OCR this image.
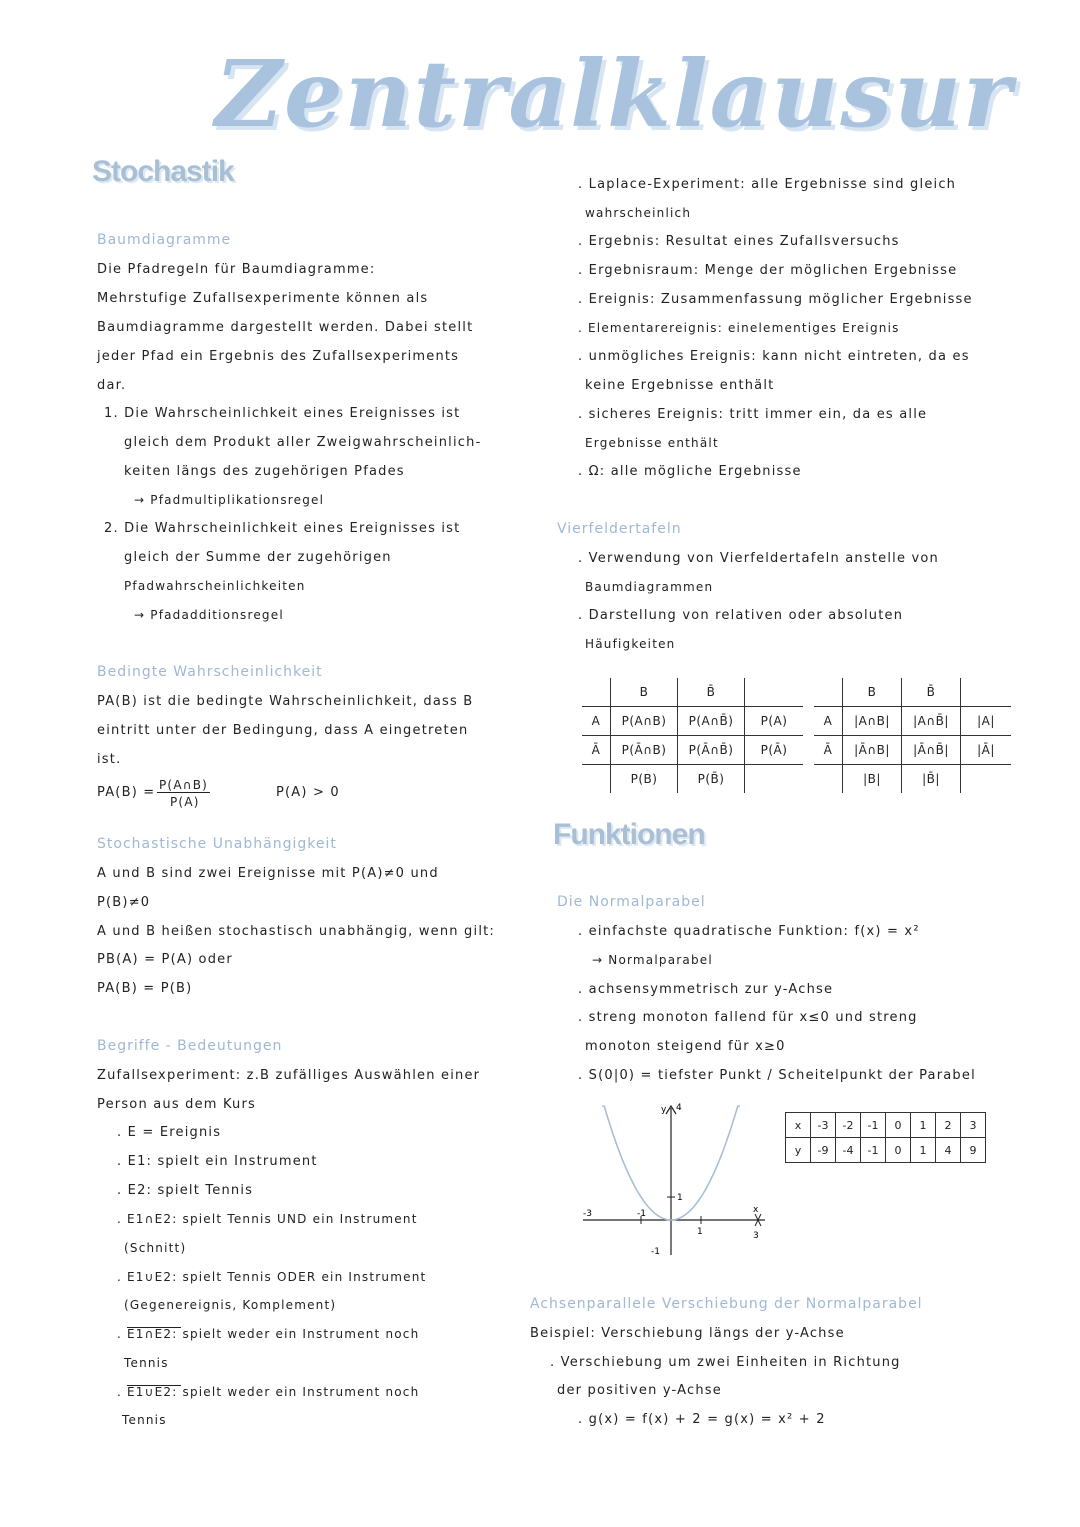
Zentralklausur
Stochastik
Baumdiagramme
Die Pfadregeln für Baumdiagramme:
Mehrstufige Zufallsexperimente können als
Baumdiagramme dargestellt werden. Dabei stellt
jeder Pfad ein Ergebnis des Zufallsexperiments
dar.
1. Die Wahrscheinlichkeit eines Ereignisses ist
gleich dem Produkt aller Zweigwahrscheinlich-
keiten längs des zugehörigen Pfades
→ Pfadmultiplikationsregel
2. Die Wahrscheinlichkeit eines Ereignisses ist
gleich der Summe der zugehörigen
Pfadwahrscheinlichkeiten
→ Pfadadditionsregel
Bedingte Wahrscheinlichkeit
PA(B) ist die bedingte Wahrscheinlichkeit, dass B
eintritt unter der Bedingung, dass A eingetreten
ist.
PA(B) = P(A∩B)
P(A)
P(A) > 0
Stochastische Unabhängigkeit
A und B sind zwei Ereignisse mit P(A)≠0 und
P(B)≠0
A und B heißen stochastisch unabhängig, wenn gilt:
PB(A) = P(A) oder
PA(B) = P(B)
Begriffe - Bedeutungen
Zufallsexperiment: z.B zufälliges Auswählen einer
Person aus dem Kurs
. E = Ereignis
. E1: spielt ein Instrument
. E2: spielt Tennis
. E1∩E2: spielt Tennis UND ein Instrument
(Schnitt)
. E1∪E2: spielt Tennis ODER ein Instrument
(Gegenereignis, Komplement)
. E1∩E2: spielt weder ein Instrument noch
Tennis
. E1∪E2: spielt weder ein Instrument noch
Tennis
. Laplace-Experiment: alle Ergebnisse sind gleich
wahrscheinlich
. Ergebnis: Resultat eines Zufallsversuchs
. Ergebnisraum: Menge der möglichen Ergebnisse
. Ereignis: Zusammenfassung möglicher Ergebnisse
. Elementarereignis: einelementiges Ereignis
. unmögliches Ereignis: kann nicht eintreten, da es
keine Ergebnisse enthält
. sicheres Ereignis: tritt immer ein, da es alle
Ergebnisse enthält
. Ω: alle mögliche Ergebnisse
Vierfeldertafeln
. Verwendung von Vierfeldertafeln anstelle von
Baumdiagrammen
. Darstellung von relativen oder absoluten
Häufigkeiten
	B	B̄	
A	P(A∩B)	P(A∩B̄)	P(A)
Ā	P(Ā∩B)	P(Ā∩B̄)	P(Ā)
	P(B)	P(B̄)	
	B	B̄	
A	|A∩B|	|A∩B̄|	|A|
Ā	|Ā∩B|	|Ā∩B̄|	|Ā|
	|B|	|B̄|	
Funktionen
Die Normalparabel
. einfachste quadratische Funktion: f(x) = x²
→ Normalparabel
. achsensymmetrisch zur y-Achse
. streng monoton fallend für x≤0 und streng
monoton steigend für x≥0
. S(0|0) = tiefster Punkt / Scheitelpunkt der Parabel
y 4
1
-1
-3	-1
1	3
x
x	-3	-2	-1	0	1	2	3
y	-9	-4	-1	0	1	4	9
Achsenparallele Verschiebung der Normalparabel
Beispiel: Verschiebung längs der y-Achse
. Verschiebung um zwei Einheiten in Richtung
der positiven y-Achse
. g(x) = f(x) + 2 = g(x) = x² + 2
